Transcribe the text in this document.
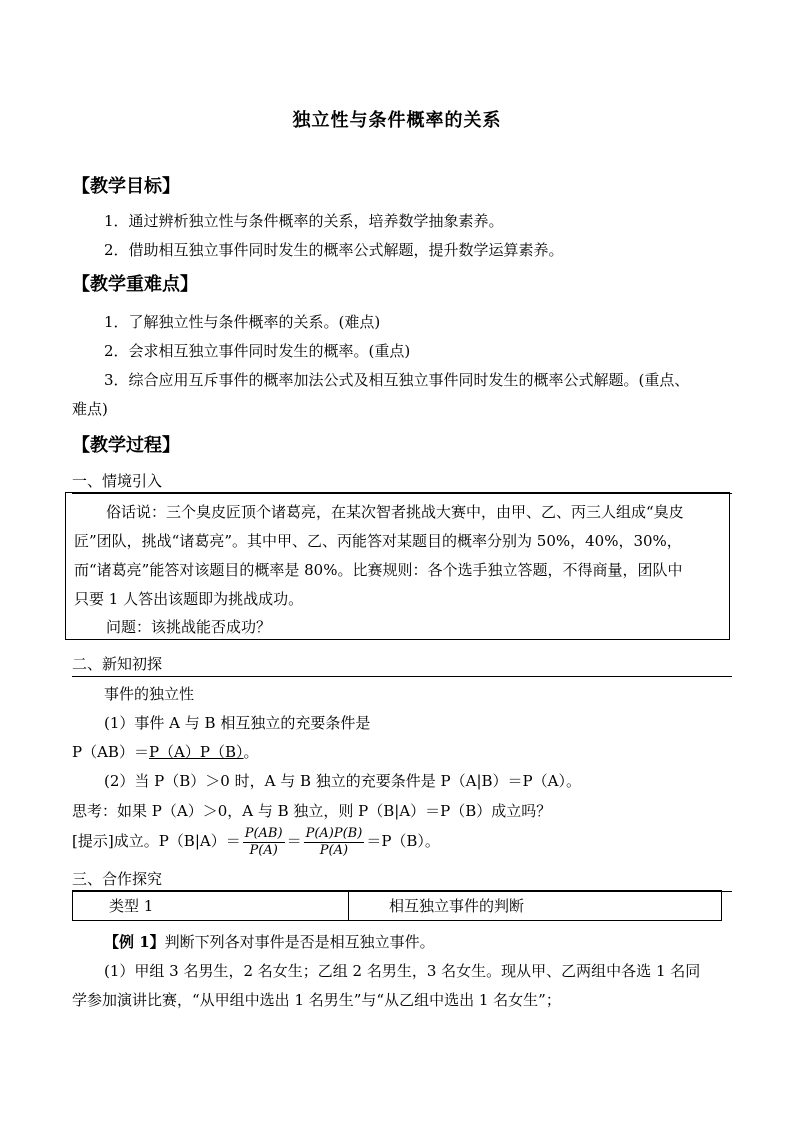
独立性与条件概率的关系
【教学目标】
1．通过辨析独立性与条件概率的关系，培养数学抽象素养。
2．借助相互独立事件同时发生的概率公式解题，提升数学运算素养。
【教学重难点】
1．了解独立性与条件概率的关系。(难点)
2．会求相互独立事件同时发生的概率。(重点)
3．综合应用互斥事件的概率加法公式及相互独立事件同时发生的概率公式解题。(重点、
难点)
【教学过程】
一、情境引入
俗话说：三个臭皮匠顶个诸葛亮，在某次智者挑战大赛中，由甲、乙、丙三人组成“臭皮
匠”团队，挑战“诸葛亮”。其中甲、乙、丙能答对某题目的概率分别为 50%，40%，30%，
而“诸葛亮”能答对该题目的概率是 80%。比赛规则：各个选手独立答题，不得商量，团队中
只要 1 人答出该题即为挑战成功。
问题：该挑战能否成功？
二、新知初探
事件的独立性
(1）事件 A 与 B 相互独立的充要条件是
P（AB）＝P（A）P（B）。
(2）当 P（B）＞0 时，A 与 B 独立的充要条件是 P（A|B）＝P（A）。
思考：如果 P（A）＞0，A 与 B 独立，则 P（B|A）＝P（B）成立吗？
[提示]成立。$P(B|A)= \frac{P(AB)}{P(A)} = \frac{P(A)P(B)}{P(A)} =P(B)$。
三、合作探究
类型 1	相互独立事件的判断
【例 1】判断下列各对事件是否是相互独立事件。
(1）甲组 3 名男生，2 名女生；乙组 2 名男生，3 名女生。现从甲、乙两组中各选 1 名同
学参加演讲比赛，“从甲组中选出 1 名男生”与“从乙组中选出 1 名女生”；
